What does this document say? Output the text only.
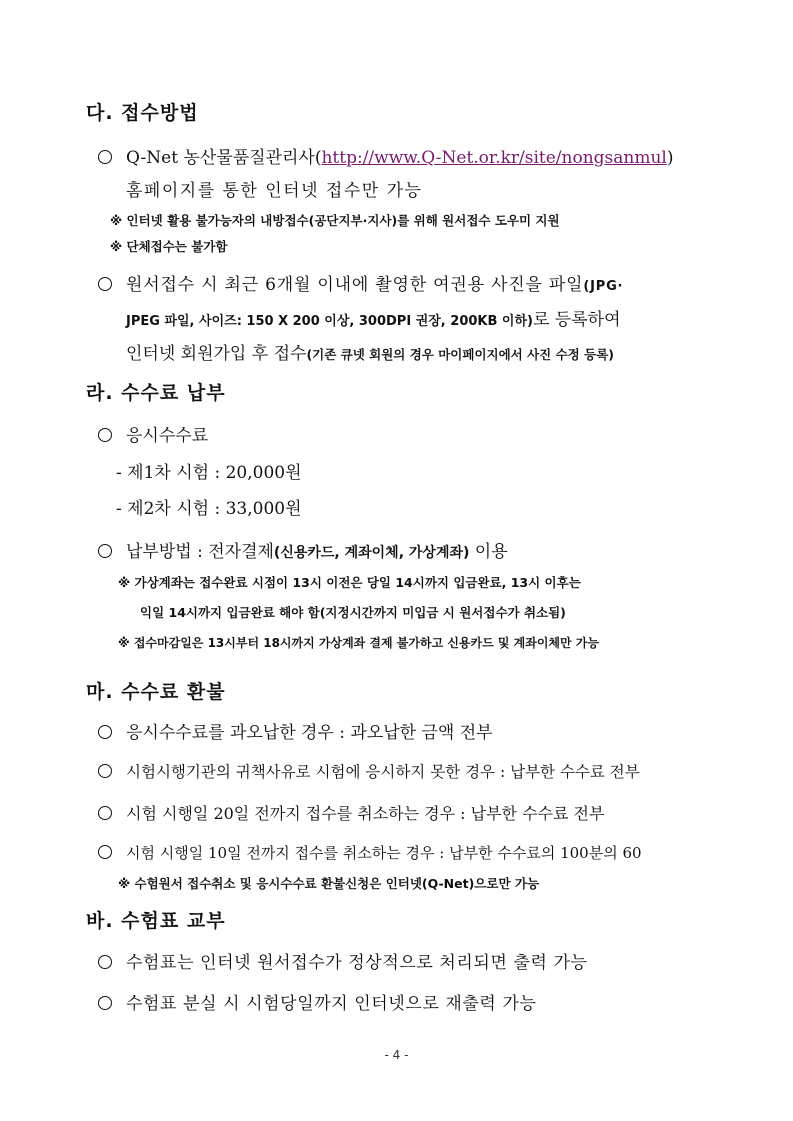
다. 접수방법
Q-Net 농산물품질관리사(http://www.Q-Net.or.kr/site/nongsanmul)
홈페이지를 통한 인터넷 접수만 가능
※ 인터넷 활용 불가능자의 내방접수(공단지부·지사)를 위해 원서접수 도우미 지원
※ 단체접수는 불가함
원서접수 시 최근 6개월 이내에 촬영한 여권용 사진을 파일(JPG·
JPEG 파일, 사이즈: 150 X 200 이상, 300DPI 권장, 200KB 이하)로 등록하여
인터넷 회원가입 후 접수(기존 큐넷 회원의 경우 마이페이지에서 사진 수정 등록)
라. 수수료 납부
응시수수료
- 제1차 시험 : 20,000원
- 제2차 시험 : 33,000원
납부방법 : 전자결제(신용카드, 계좌이체, 가상계좌) 이용
※ 가상계좌는 접수완료 시점이 13시 이전은 당일 14시까지 입금완료, 13시 이후는
익일 14시까지 입금완료 해야 함(지정시간까지 미입금 시 원서접수가 취소됨)
※ 접수마감일은 13시부터 18시까지 가상계좌 결제 불가하고 신용카드 및 계좌이체만 가능
마. 수수료 환불
응시수수료를 과오납한 경우 : 과오납한 금액 전부
시험시행기관의 귀책사유로 시험에 응시하지 못한 경우 : 납부한 수수료 전부
시험 시행일 20일 전까지 접수를 취소하는 경우 : 납부한 수수료 전부
시험 시행일 10일 전까지 접수를 취소하는 경우 : 납부한 수수료의 100분의 60
※ 수험원서 접수취소 및 응시수수료 환불신청은 인터넷(Q-Net)으로만 가능
바. 수험표 교부
수험표는 인터넷 원서접수가 정상적으로 처리되면 출력 가능
수험표 분실 시 시험당일까지 인터넷으로 재출력 가능
- 4 -
